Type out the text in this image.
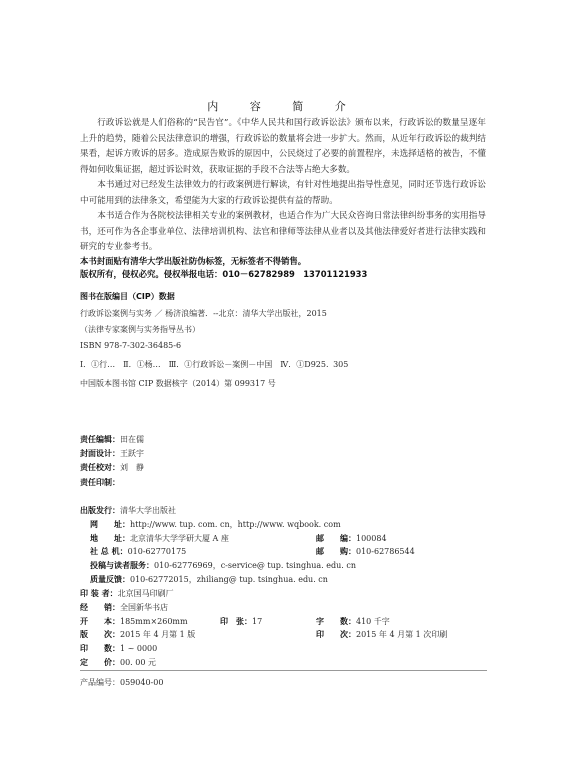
内 容 简 介

行政诉讼就是人们俗称的“民告官”。《中华人民共和国行政诉讼法》颁布以来，行政诉讼的数量呈逐年上升的趋势，随着公民法律意识的增强，行政诉讼的数量将会进一步扩大。然而，从近年行政诉讼的裁判结果看，起诉方败诉的居多。造成原告败诉的原因中，公民烧过了必要的前置程序，未选择适格的被告，不懂得如何收集证据，超过诉讼时效，获取证据的手段不合法等占绝大多数。

本书通过对已经发生法律效力的行政案例进行解读，有针对性地提出指导性意见，同时还节选行政诉讼中可能用到的法律条文，希望能为大家的行政诉讼提供有益的帮助。

本书适合作为各院校法律相关专业的案例教材，也适合作为广大民众咨询日常法律纠纷事务的实用指导书，还可作为各企事业单位、法律培训机构、法官和律师等法律从业者以及其他法律爱好者进行法律实践和研究的专业参考书。

本书封面贴有清华大学出版社防伪标签，无标签者不得销售。
版权所有，侵权必究。侵权举报电话：010－62782989　13701121933
图书在版编目（CIP）数据
行政诉讼案例与实务 ／ 杨济浪编著．--北京：清华大学出版社，2015
（法律专家案例与实务指导丛书）
ISBN 978-7-302-36485-6
Ⅰ．①行…　Ⅱ．①杨…　Ⅲ．①行政诉讼－案例－中国　Ⅳ．①D925. 305
中国版本图书馆 CIP 数据核字（2014）第 099317 号
责任编辑：田在儒
封面设计：王跃宇
责任校对：刘　静
责任印制：
出版发行：清华大学出版社
网　　址：http://www. tup. com. cn，http://www. wqbook. com
地　　址：北京清华大学学研大厦 A 座	邮　　编：100084
社 总 机：010-62770175	邮　　购：010-62786544
投稿与读者服务：010-62776969，c-service@ tup. tsinghua. edu. cn
质量反馈：010-62772015，zhiliang@ tup. tsinghua. edu. cn
印 装 者：北京国马印刷厂
经　　销：全国新华书店
开　　本：185mm×260mm	印　张：17	字　　数：410 千字
版　　次：2015 年 4 月第 1 版	印　　次：2015 年 4 月第 1 次印刷
印　　数：1 ~ 0000
定　　价：00. 00 元
产品编号：059040-00
